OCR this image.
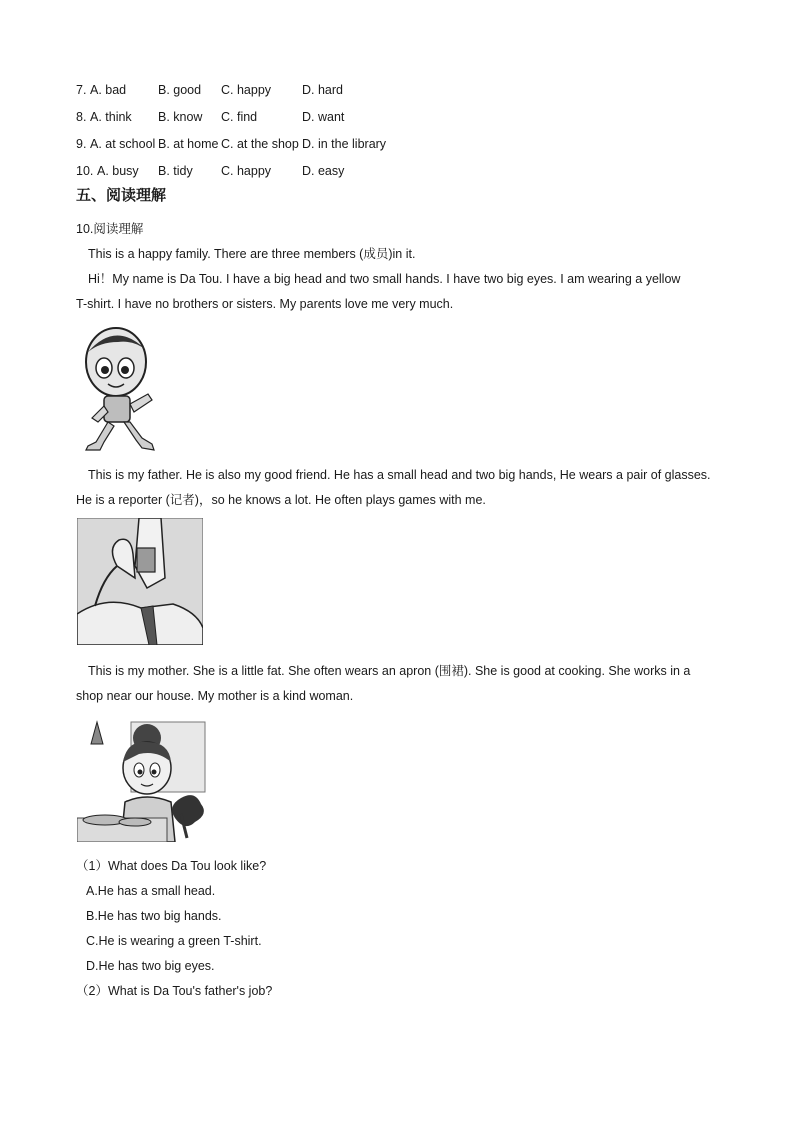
7. A. bad	B. good C. happy D. hard
8. A. think B. know C. find	D. want
9. A. at school B. at home C. at the shop D. in the library
10. A. busy B. tidy C. happy D. easy
五、阅读理解
10.阅读理解
This is a happy family. There are three members (成员)in it.
Hi！My name is Da Tou. I have a big head and two small hands. I have two big eyes. I am wearing a yellow
T-shirt. I have no brothers or sisters. My parents love me very much.
This is my father. He is also my good friend. He has a small head and two big hands, He wears a pair of glasses.
He is a reporter (记者)，so he knows a lot. He often plays games with me.
This is my mother. She is a little fat. She often wears an apron (围裙). She is good at cooking. She works in a
shop near our house. My mother is a kind woman.
（1）What does Da Tou look like?
A.He has a small head.
B.He has two big hands.
C.He is wearing a green T-shirt.
D.He has two big eyes.
（2）What is Da Tou's father's job?
